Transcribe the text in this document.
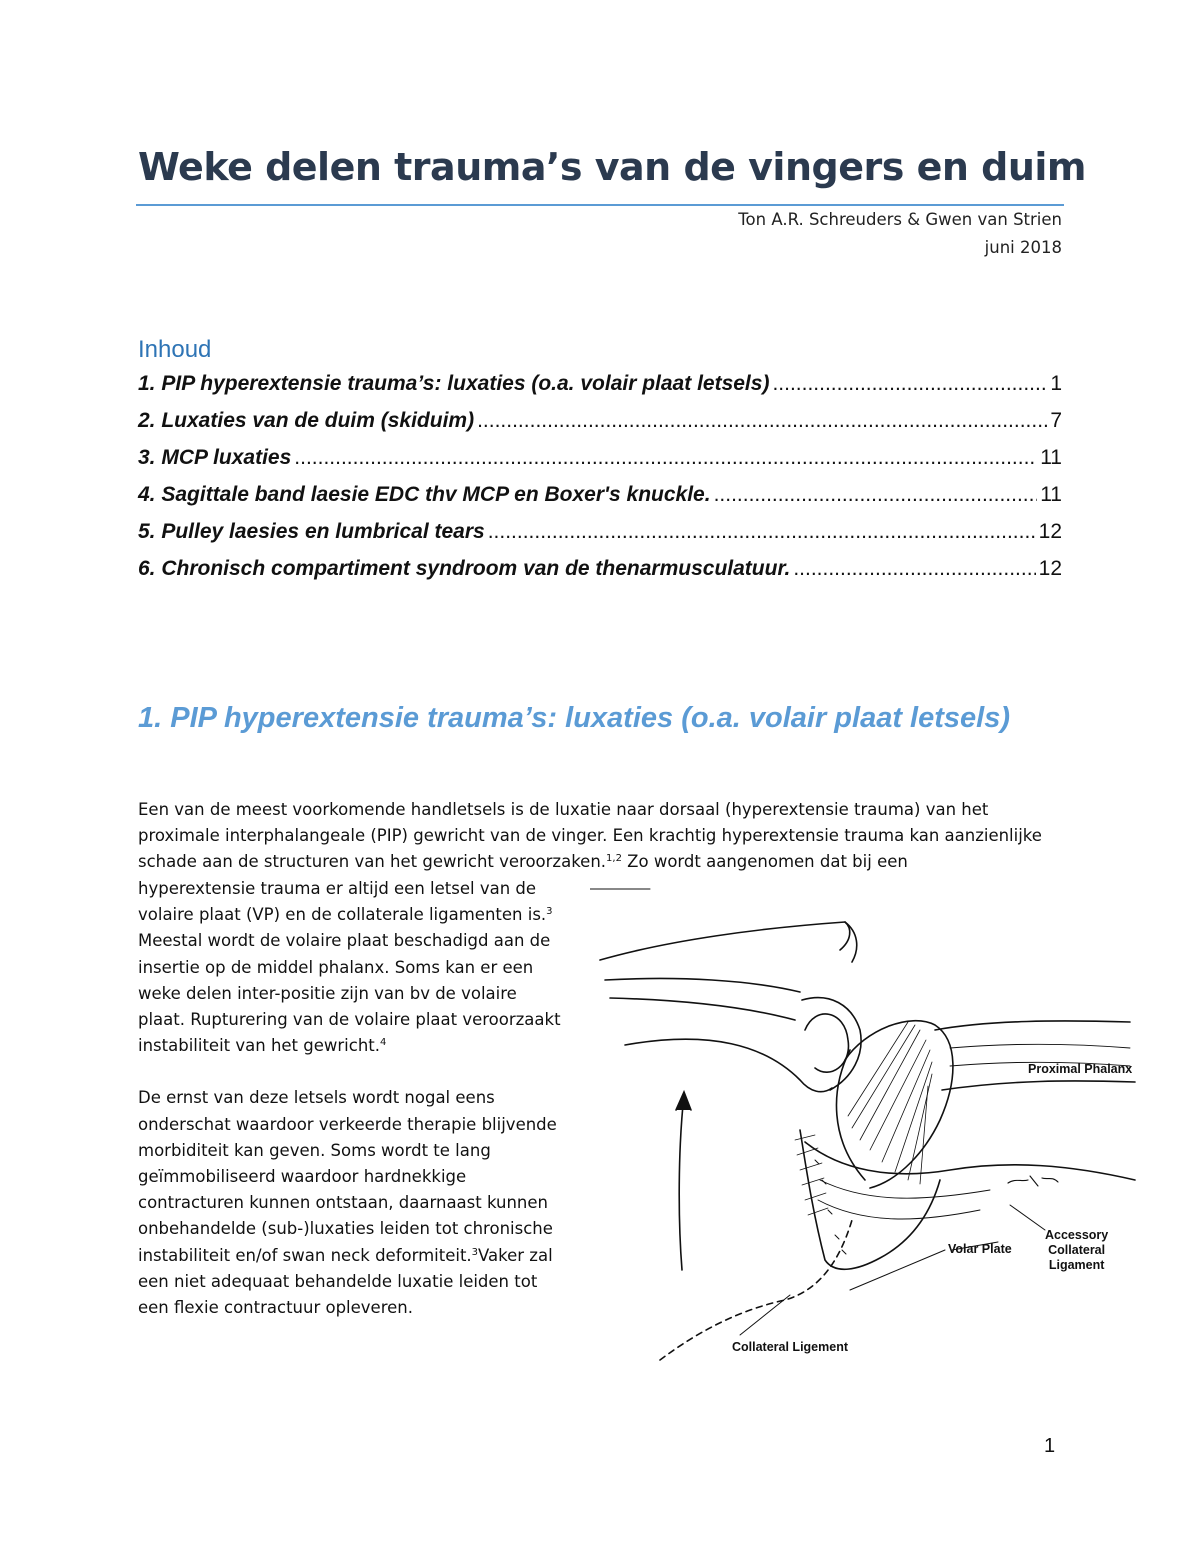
Weke delen trauma’s van de vingers en duim
Ton A.R. Schreuders & Gwen van Strien
juni 2018
Inhoud
1. PIP hyperextensie trauma’s: luxaties (o.a. volair plaat letsels) .....	1
2. Luxaties van de duim (skiduim) .....	7
3. MCP luxaties .....	11
4. Sagittale band laesie EDC thv MCP en Boxer's knuckle. .....	11
5. Pulley laesies en lumbrical tears .....	12
6. Chronisch compartiment syndroom van de thenarmusculatuur. .....	12
1. PIP hyperextensie trauma’s: luxaties (o.a. volair plaat letsels)

Een van de meest voorkomende handletsels is de luxatie naar dorsaal (hyperextensie trauma) van het proximale interphalangeale (PIP) gewricht van de vinger. Een krachtig hyperextensie trauma kan aanzienlijke schade aan de structuren van het gewricht veroorzaken.$^{1,2}$ Zo wordt aangenomen dat bij een

hyperextensie trauma er altijd een letsel van de volaire plaat (VP) en de collaterale ligamenten is.$^3$
Meestal wordt de volaire plaat beschadigd aan de insertie op de middel phalanx. Soms kan er een weke delen inter-positie zijn van bv de volaire plaat. Rupturering van de volaire plaat veroorzaakt instabiliteit van het gewricht.$^4$

De ernst van deze letsels wordt nogal eens onderschat waardoor verkeerde therapie blijvende morbiditeit kan geven. Soms wordt te lang geïmmobiliseerd waardoor hardnekkige contracturen kunnen ontstaan, daarnaast kunnen onbehandelde (sub-)luxaties leiden tot chronische instabiliteit en/of swan neck deformiteit.$^3$Vaker zal een niet adequaat behandelde luxatie leiden tot een flexie contractuur opleveren.

Proximal Phalanx
Accessory
Collateral
Ligament
Volar Plate
Collateral Ligement
1
